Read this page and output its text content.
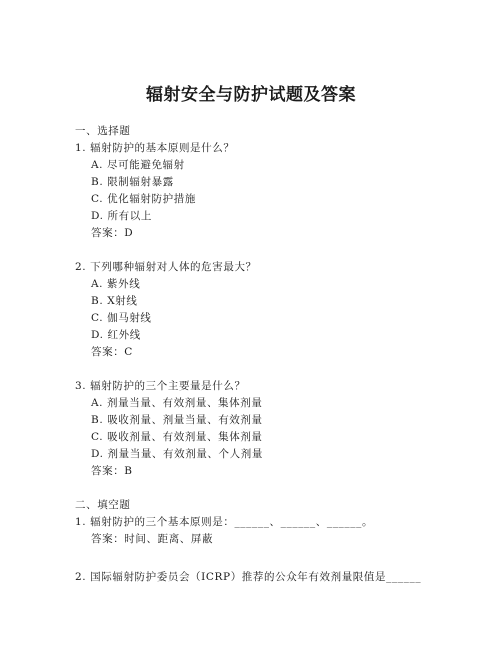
辐射安全与防护试题及答案
一、选择题
1. 辐射防护的基本原则是什么？
A. 尽可能避免辐射
B. 限制辐射暴露
C. 优化辐射防护措施
D. 所有以上
答案：D
2. 下列哪种辐射对人体的危害最大？
A. 紫外线
B. X射线
C. 伽马射线
D. 红外线
答案：C
3. 辐射防护的三个主要量是什么？
A. 剂量当量、有效剂量、集体剂量
B. 吸收剂量、剂量当量、有效剂量
C. 吸收剂量、有效剂量、集体剂量
D. 剂量当量、有效剂量、个人剂量
答案：B
二、填空题
1. 辐射防护的三个基本原则是：______、______、______。
答案：时间、距离、屏蔽
2. 国际辐射防护委员会（ICRP）推荐的公众年有效剂量限值是______
